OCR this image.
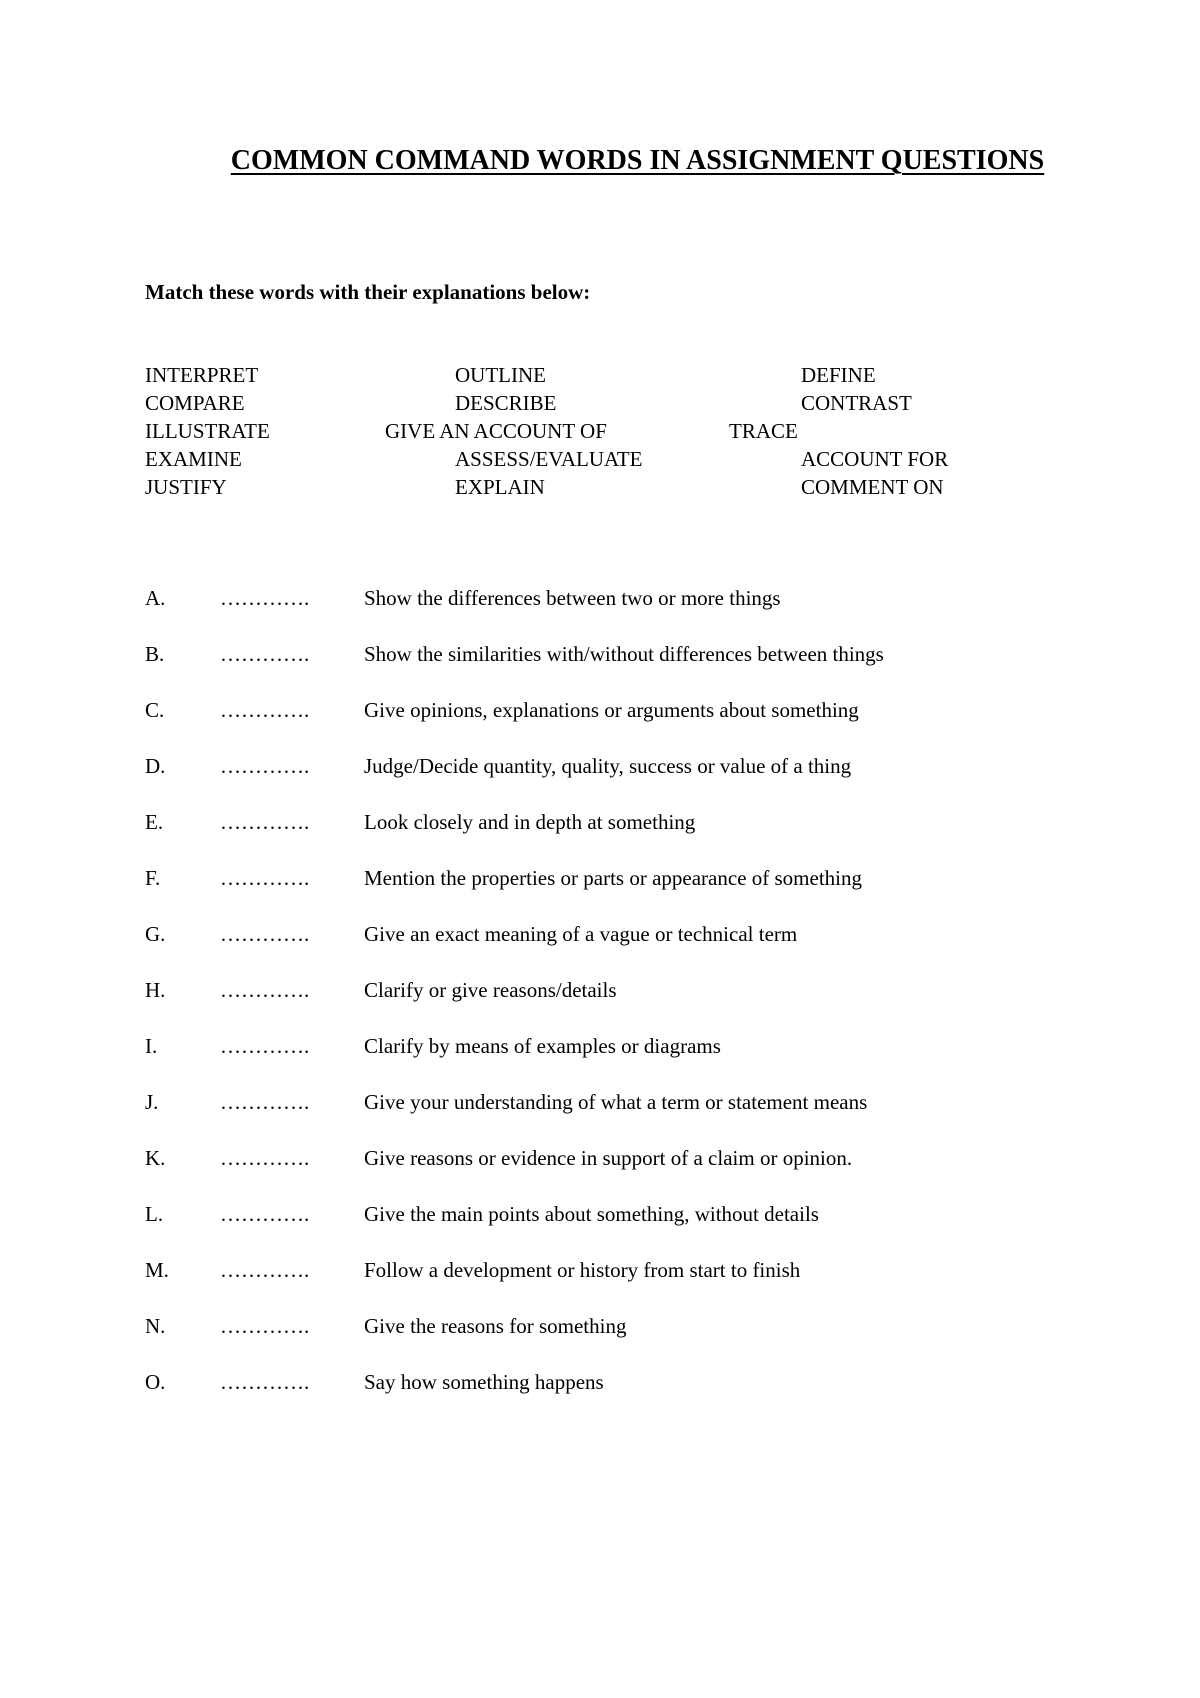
COMMON COMMAND WORDS IN ASSIGNMENT QUESTIONS
Match these words with their explanations below:
INTERPRET	OUTLINE	DEFINE
COMPARE	DESCRIBE	CONTRAST
ILLUSTRATE	GIVE AN ACCOUNT OF	TRACE
EXAMINE	ASSESS/EVALUATE	ACCOUNT FOR
JUSTIFY	EXPLAIN	COMMENT ON
A.	………….	Show the differences between two or more things
B.	………….	Show the similarities with/without differences between things
C.	………….	Give opinions, explanations or arguments about something
D.	………….	Judge/Decide quantity, quality, success or value of a thing
E.	………….	Look closely and in depth at something
F.	………….	Mention the properties or parts or appearance of something
G.	………….	Give an exact meaning of a vague or technical term
H.	………….	Clarify or give reasons/details
I.	………….	Clarify by means of examples or diagrams
J.	………….	Give your understanding of what a term or statement means
K.	………….	Give reasons or evidence in support of a claim or opinion.
L.	………….	Give the main points about something, without details
M. ………….	Follow a development or history from start to finish
N.	………….	Give the reasons for something
O.	………….	Say how something happens
